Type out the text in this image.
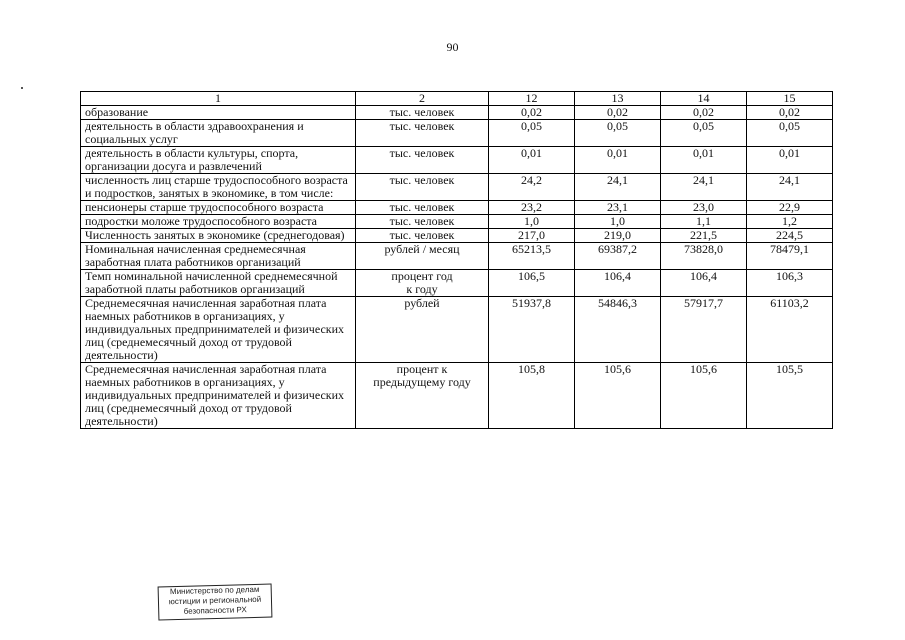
90
1	2	12	13	14	15
образование	тыс. человек	0,02	0,02	0,02	0,02
деятельность в области здравоохранения и социальных услуг	тыс. человек	0,05	0,05	0,05	0,05
деятельность в области культуры, спорта, организации досуга и развлечений	тыс. человек	0,01	0,01	0,01	0,01
численность лиц старше трудоспособного возраста и подростков, занятых в экономике, в том числе:	тыс. человек	24,2	24,1	24,1	24,1
пенсионеры старше трудоспособного возраста	тыс. человек	23,2	23,1	23,0	22,9
подростки моложе трудоспособного возраста	тыс. человек	1,0	1,0	1,1	1,2
Численность занятых в экономике (среднегодовая)	тыс. человек	217,0	219,0	221,5	224,5
Номинальная начисленная среднемесячная заработная плата работников организаций	рублей / месяц	65213,5	69387,2	73828,0	78479,1
Темп номинальной начисленной среднемесячной заработной платы работников организаций	процент год к году	106,5	106,4	106,4	106,3
Среднемесячная начисленная заработная плата наемных работников в организациях, у индивидуальных предпринимателей и физических лиц (среднемесячный доход от трудовой деятельности)	рублей	51937,8	54846,3	57917,7	61103,2
Среднемесячная начисленная заработная плата наемных работников в организациях, у индивидуальных предпринимателей и физических лиц (среднемесячный доход от трудовой деятельности)	процент к предыдущему году	105,8	105,6	105,6	105,5
Министерство по делам
юстиции и региональной
безопасности РХ
